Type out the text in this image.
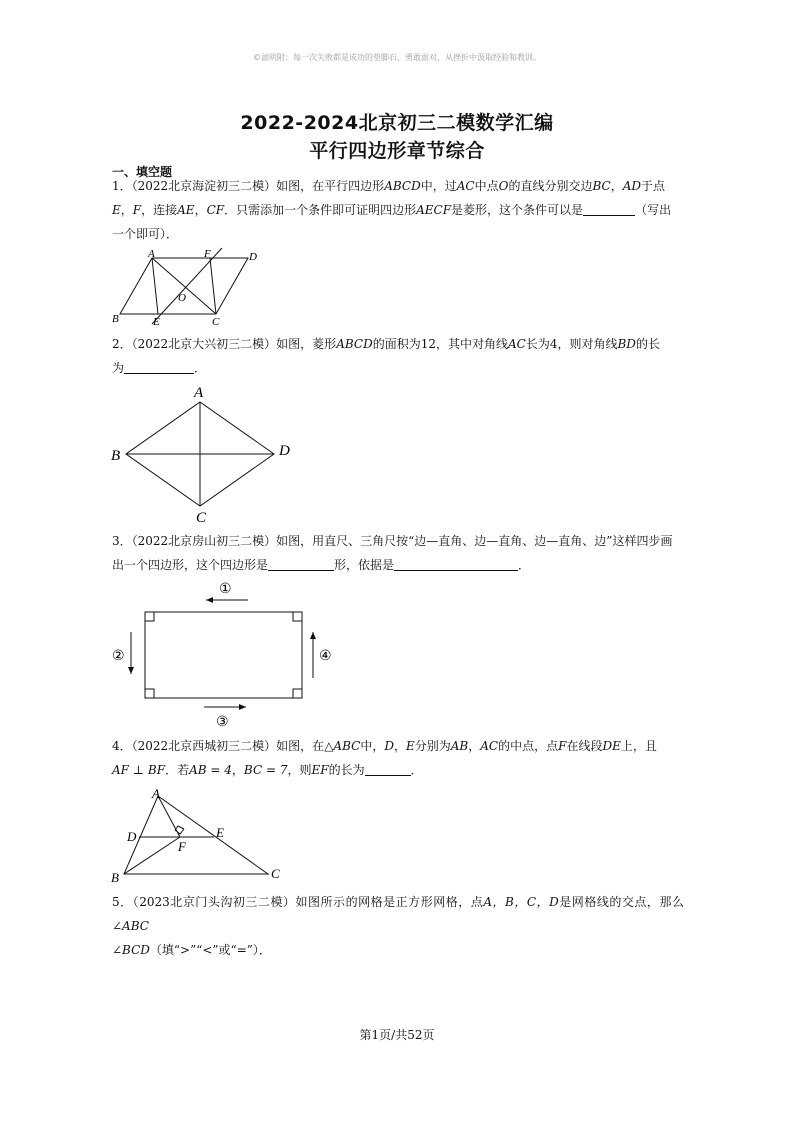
©滤明附：每一次失败都是成功的垫脚石，勇敢面对，从挫折中汲取经验和教训。
2022-2024北京初三二模数学汇编
平行四边形章节综合
一、填空题
1．（2022北京海淀初三二模）如图，在平行四边形ABCD中，过AC中点O的直线分别交边BC，AD于点
E，F，连接AE，CF．只需添加一个条件即可证明四边形AECF是菱形，这个条件可以是	（写出
一个即可）．
A	F	D
O
B	E	C
2．（2022北京大兴初三二模）如图，菱形ABCD的面积为12，其中对角线AC长为4，则对角线BD的长
为	．
A
B	D
C
3．（2022北京房山初三二模）如图，用直尺、三角尺按“边—直角、边—直角、边—直角、边”这样四步画
出一个四边形，这个四边形是	形，依据是	．
①
②
③
④
4．（2022北京西城初三二模）如图，在△ABC中，D，E分别为AB，AC的中点，点F在线段DE上，且
AF ⊥ BF．若AB = 4，BC = 7，则EF的长为	．
A
D	E
F
B	C
5．（2023北京门头沟初三二模）如图所示的网格是正方形网格，点A，B，C，D是网格线的交点，那么∠ABC
∠BCD（填“>”“<”或“=”）．
第1页/共52页
